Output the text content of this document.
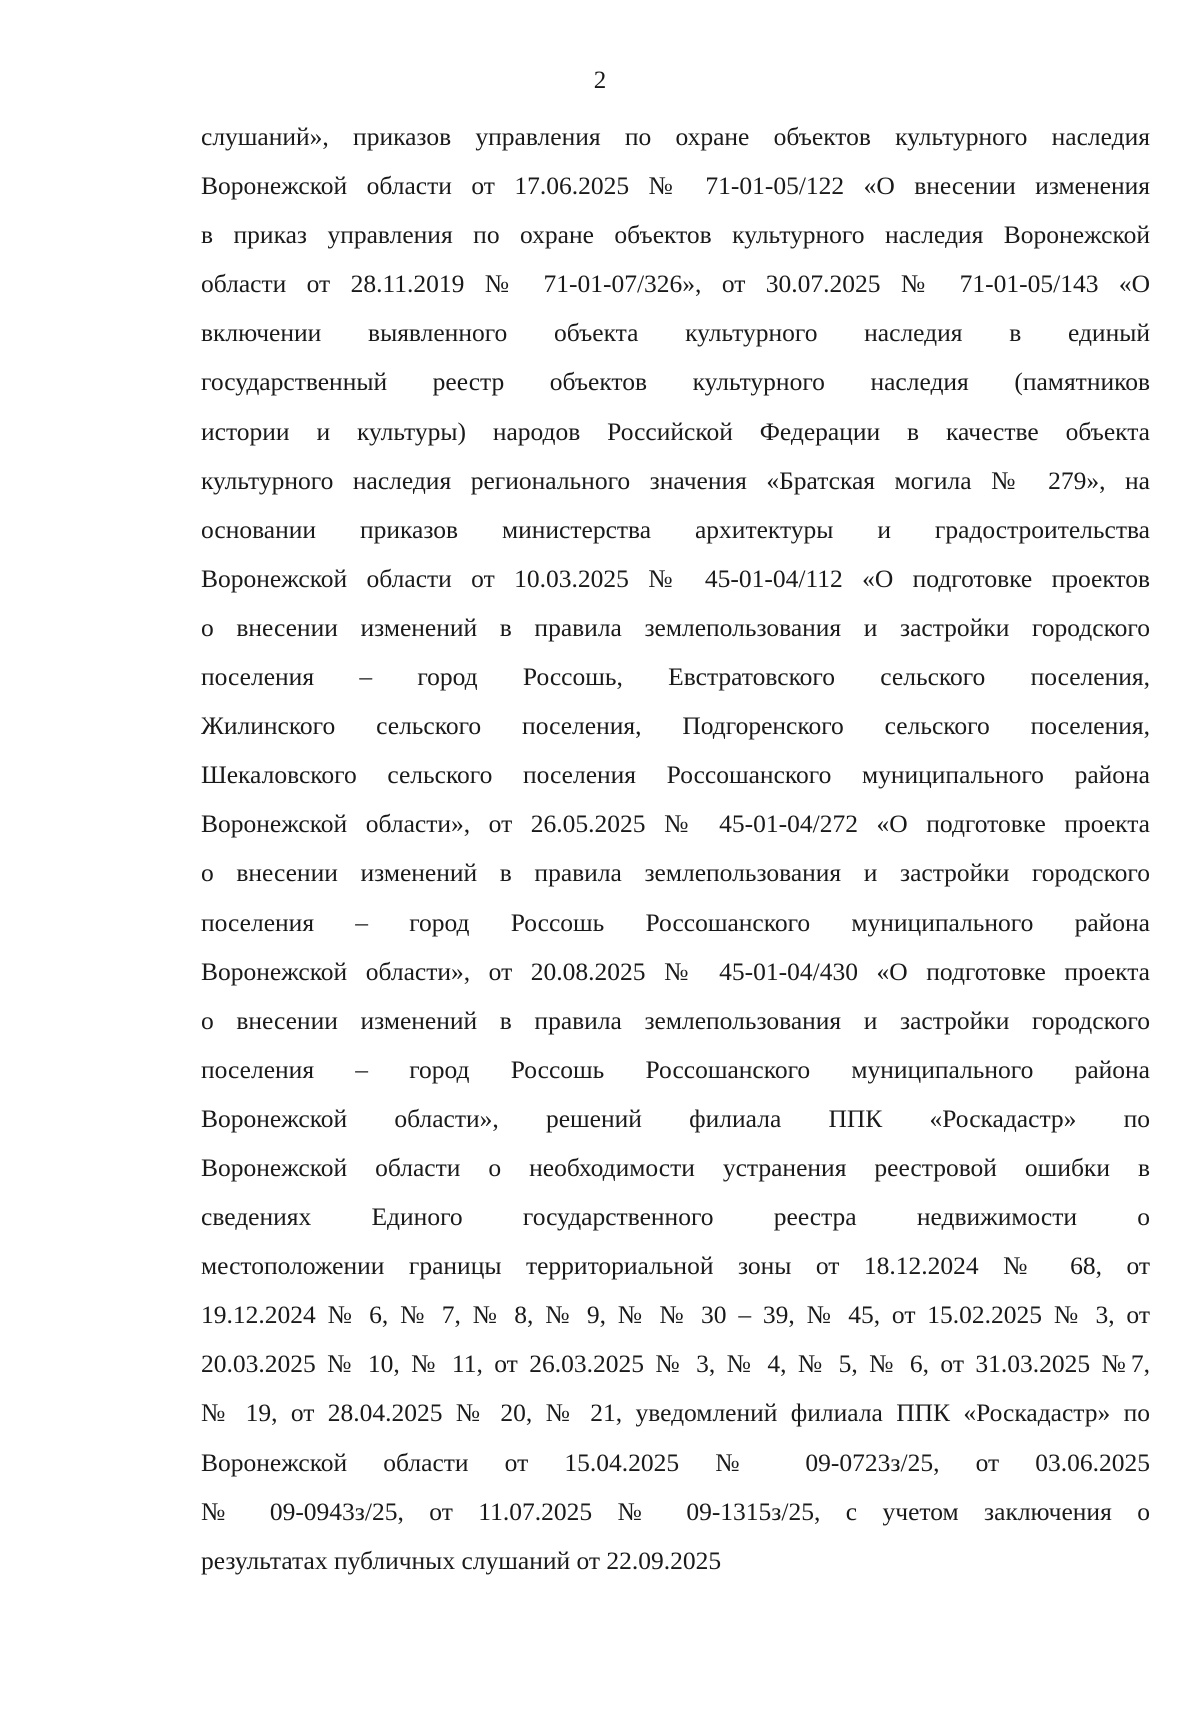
2
слушаний», приказов управления по охране объектов культурного наследия
Воронежской области от 17.06.2025 № 71-01-05/122 «О внесении изменения
в приказ управления по охране объектов культурного наследия Воронежской
области от 28.11.2019 № 71-01-07/326», от 30.07.2025 № 71-01-05/143 «О
включении выявленного объекта культурного наследия в единый
государственный реестр объектов культурного наследия (памятников
истории и культуры) народов Российской Федерации в качестве объекта
культурного наследия регионального значения «Братская могила № 279», на
основании приказов министерства архитектуры и градостроительства
Воронежской области от 10.03.2025 № 45-01-04/112 «О подготовке проектов
о внесении изменений в правила землепользования и застройки городского
поселения – город Россошь, Евстратовского сельского поселения,
Жилинского сельского поселения, Подгоренского сельского поселения,
Шекаловского сельского поселения Россошанского муниципального района
Воронежской области», от 26.05.2025 № 45-01-04/272 «О подготовке проекта
о внесении изменений в правила землепользования и застройки городского
поселения – город Россошь Россошанского муниципального района
Воронежской области», от 20.08.2025 № 45-01-04/430 «О подготовке проекта
о внесении изменений в правила землепользования и застройки городского
поселения – город Россошь Россошанского муниципального района
Воронежской области», решений филиала ППК «Роскадастр» по
Воронежской области о необходимости устранения реестровой ошибки в
сведениях Единого государственного реестра недвижимости о
местоположении границы территориальной зоны от 18.12.2024 № 68, от
19.12.2024 № 6, № 7, № 8, № 9, № № 30 – 39, № 45, от 15.02.2025 № 3, от
20.03.2025 № 10, № 11, от 26.03.2025 № 3, № 4, № 5, № 6, от 31.03.2025 №7,
№ 19, от 28.04.2025 № 20, № 21, уведомлений филиала ППК «Роскадастр» по
Воронежской области от 15.04.2025 № 09-0723з/25, от 03.06.2025
№ 09-0943з/25, от 11.07.2025 № 09-1315з/25, с учетом заключения о
результатах публичных слушаний от 22.09.2025
